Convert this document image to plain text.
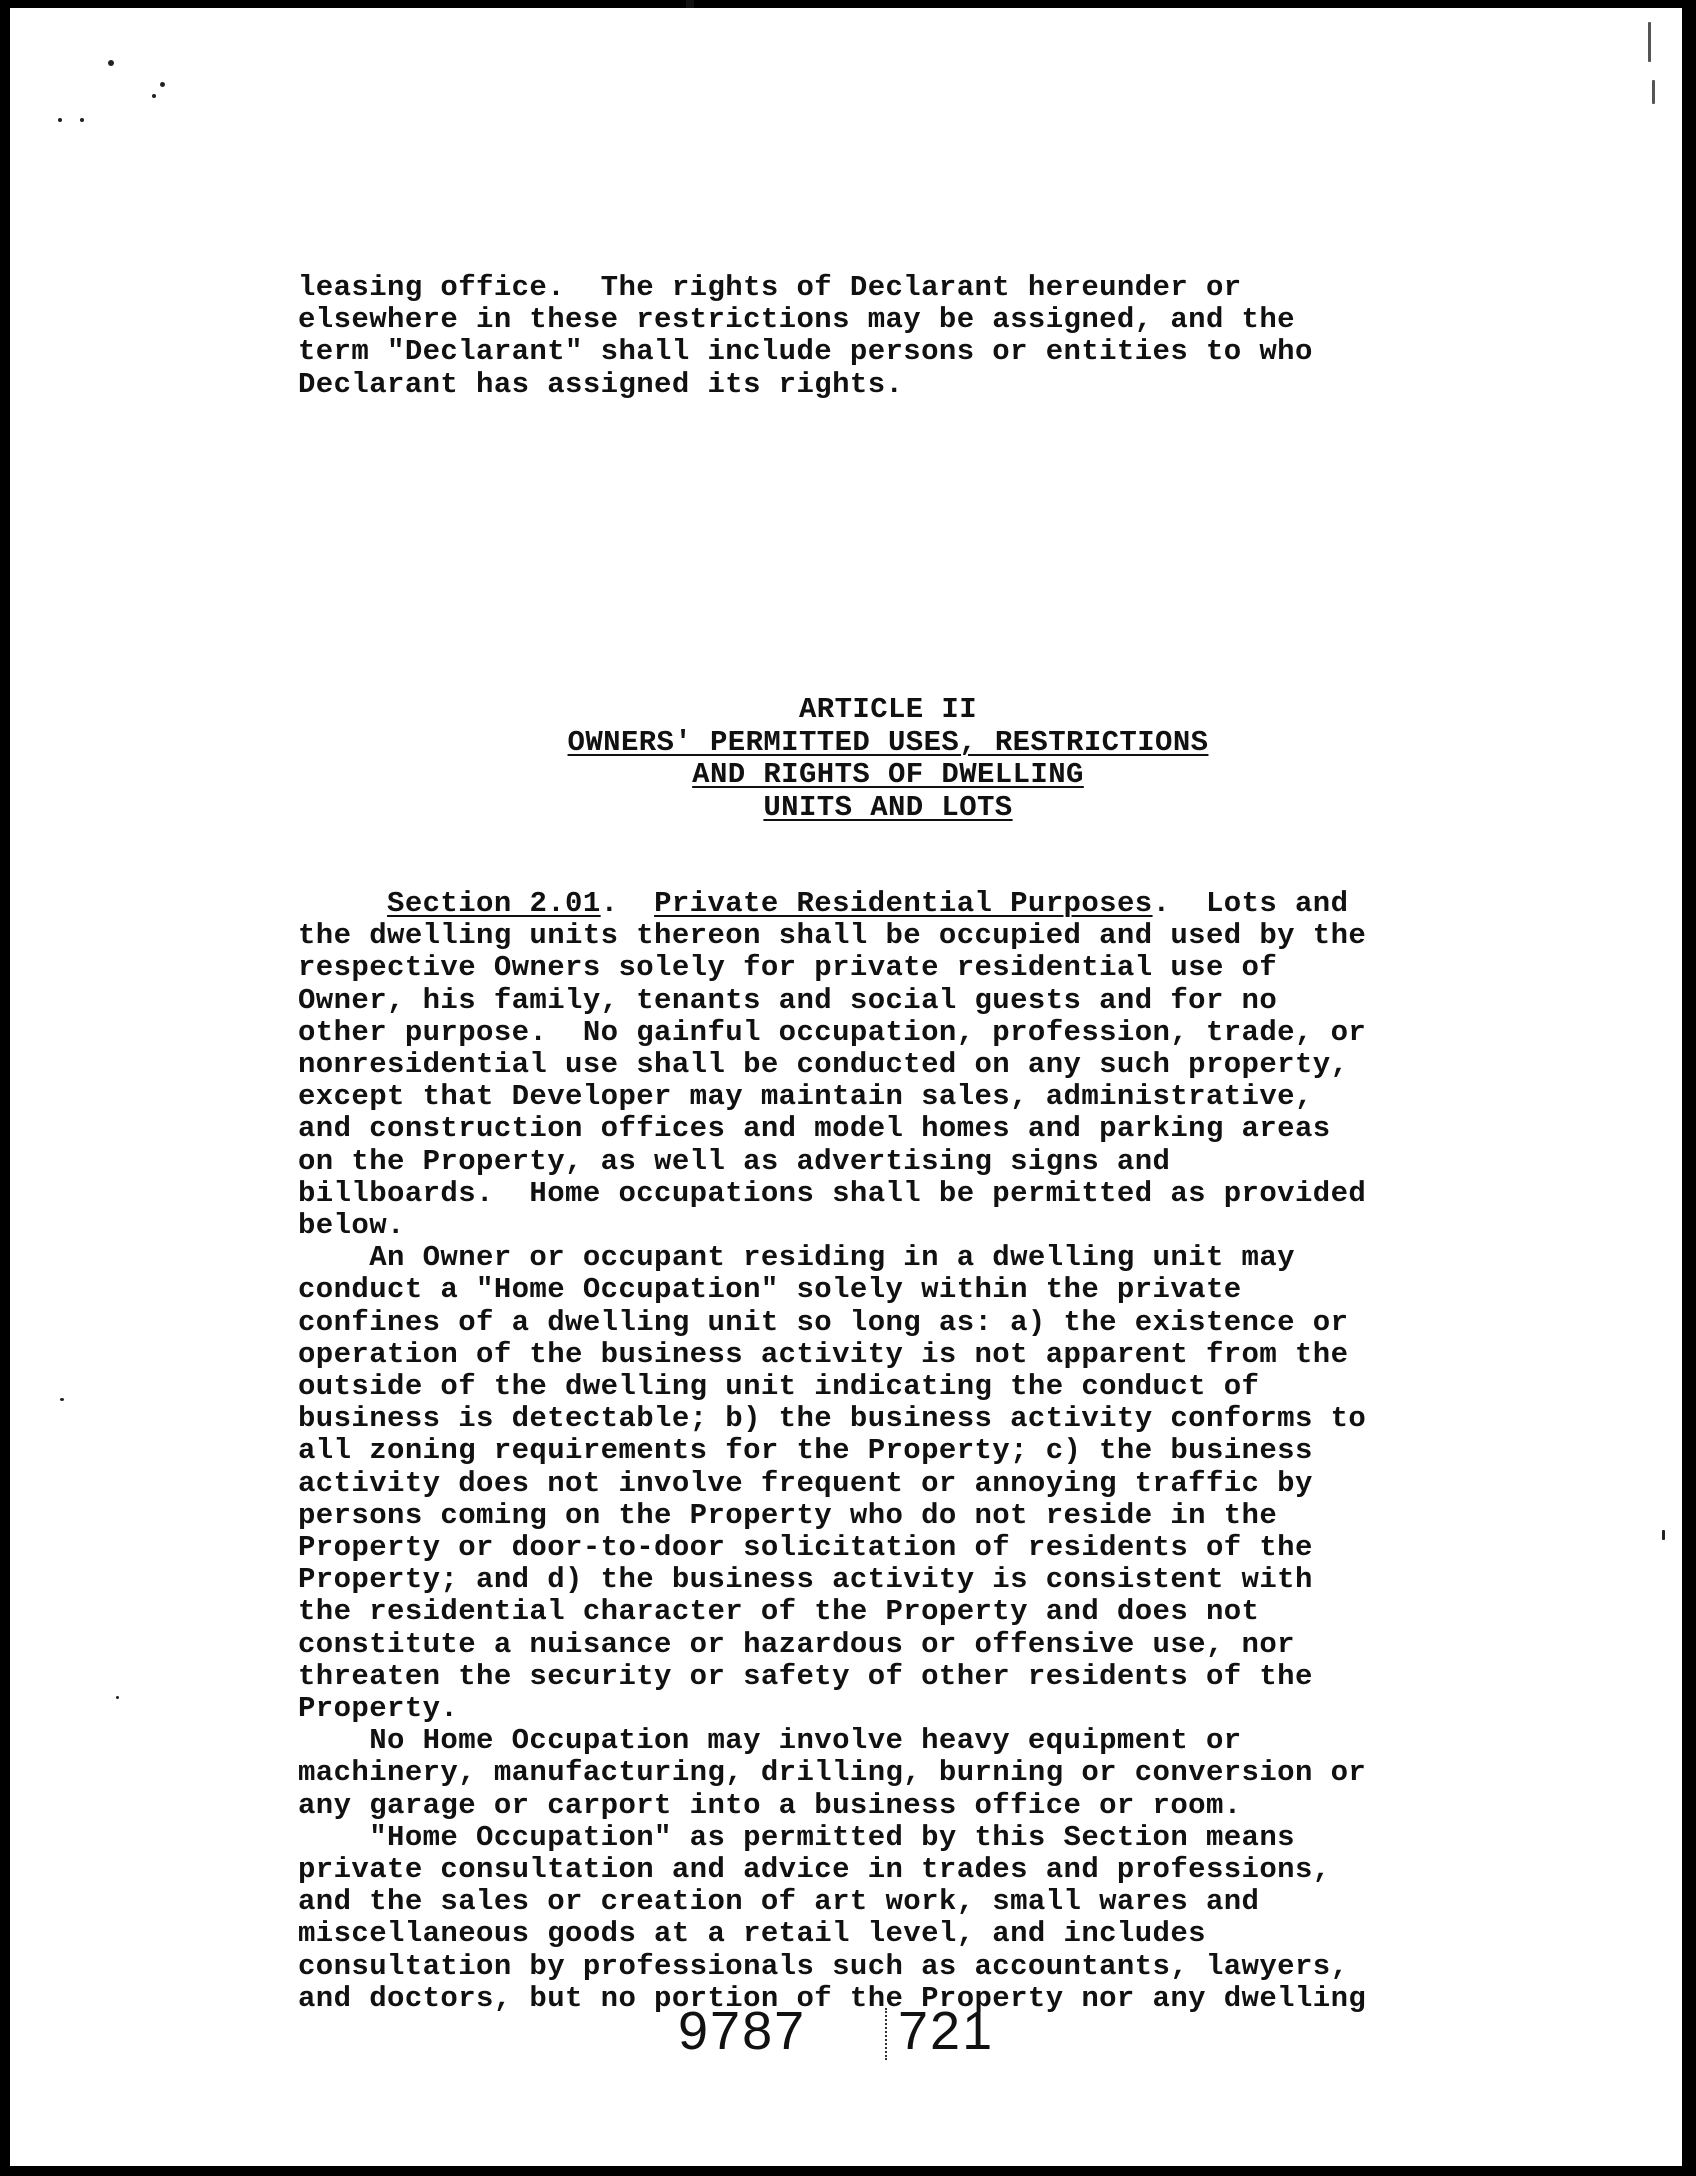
leasing office.  The rights of Declarant hereunder or
elsewhere in these restrictions may be assigned, and the
term "Declarant" shall include persons or entities to who
Declarant has assigned its rights.
ARTICLE II
OWNERS' PERMITTED USES, RESTRICTIONS
AND RIGHTS OF DWELLING
UNITS AND LOTS
Section 2.01.  Private Residential Purposes.  Lots and
the dwelling units thereon shall be occupied and used by the
respective Owners solely for private residential use of
Owner, his family, tenants and social guests and for no
other purpose.  No gainful occupation, profession, trade, or
nonresidential use shall be conducted on any such property,
except that Developer may maintain sales, administrative,
and construction offices and model homes and parking areas
on the Property, as well as advertising signs and
billboards.  Home occupations shall be permitted as provided
below.
An Owner or occupant residing in a dwelling unit may
conduct a "Home Occupation" solely within the private
confines of a dwelling unit so long as: a) the existence or
operation of the business activity is not apparent from the
outside of the dwelling unit indicating the conduct of
business is detectable; b) the business activity conforms to
all zoning requirements for the Property; c) the business
activity does not involve frequent or annoying traffic by
persons coming on the Property who do not reside in the
Property or door-to-door solicitation of residents of the
Property; and d) the business activity is consistent with
the residential character of the Property and does not
constitute a nuisance or hazardous or offensive use, nor
threaten the security or safety of other residents of the
Property.
No Home Occupation may involve heavy equipment or
machinery, manufacturing, drilling, burning or conversion or
any garage or carport into a business office or room.
"Home Occupation" as permitted by this Section means
private consultation and advice in trades and professions,
and the sales or creation of art work, small wares and
miscellaneous goods at a retail level, and includes
consultation by professionals such as accountants, lawyers,
and doctors, but no portion of the Property nor any dwelling
9787 721
